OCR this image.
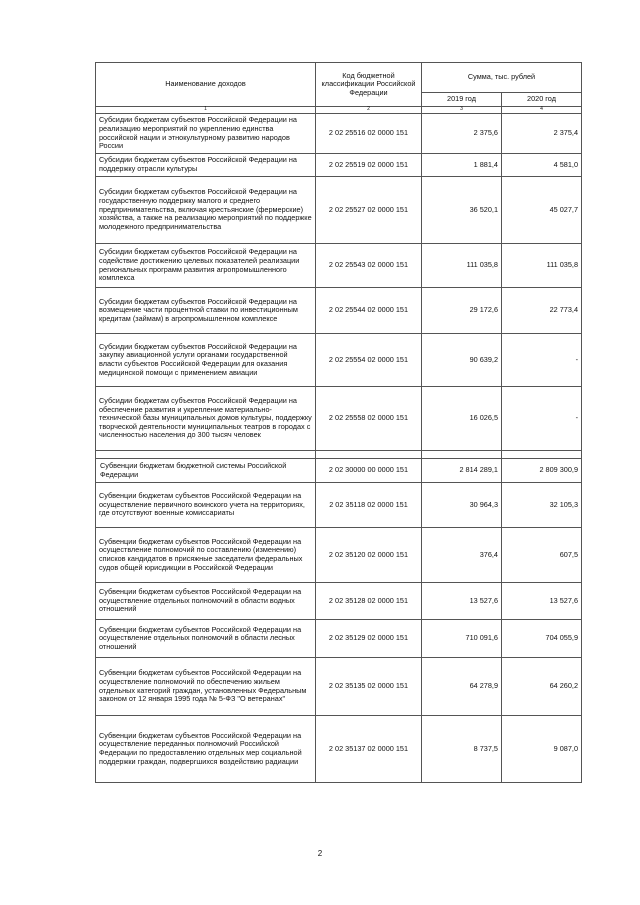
Наименование доходов	Код бюджетной классификации Российской Федерации	Сумма, тыс. рублей	
		2019 год	2020 год
1	2	3	4
Субсидии бюджетам субъектов Российской Федерации на реализацию мероприятий по укреплению единства российской нации и этнокультурному развитию народов России	2 02 25516 02 0000 151	2 375,6	2 375,4
Субсидии бюджетам субъектов Российской Федерации на поддержку отрасли культуры	2 02 25519 02 0000 151	1 881,4	4 581,0
Субсидии бюджетам субъектов Российской Федерации на государственную поддержку малого и среднего предпринимательства, включая крестьянские (фермерские) хозяйства, а также на реализацию мероприятий по поддержке молодежного предпринимательства	2 02 25527 02 0000 151	36 520,1	45 027,7
Субсидии бюджетам субъектов Российской Федерации на содействие достижению целевых показателей реализации региональных программ развития агропромышленного комплекса	2 02 25543 02 0000 151	111 035,8	111 035,8
Субсидии бюджетам субъектов Российской Федерации на возмещение части процентной ставки по инвестиционным кредитам (займам) в агропромышленном комплексе	2 02 25544 02 0000 151	29 172,6	22 773,4
Субсидии бюджетам субъектов Российской Федерации на закупку авиационной услуги органами государственной власти субъектов Российской Федерации для оказания медицинской помощи с применением авиации	2 02 25554 02 0000 151	90 639,2	-
Субсидии бюджетам субъектов Российской Федерации на обеспечение развития и укрепление материально-технической базы муниципальных домов культуры, поддержку творческой деятельности муниципальных театров в городах с численностью населения до 300 тысяч человек	2 02 25558 02 0000 151	16 026,5	-

Субвенции бюджетам бюджетной системы Российской Федерации	2 02 30000 00 0000 151	2 814 289,1	2 809 300,9
Субвенции бюджетам субъектов Российской Федерации на осуществление первичного воинского учета на территориях, где отсутствуют военные комиссариаты	2 02 35118 02 0000 151	30 964,3	32 105,3
Субвенции бюджетам субъектов Российской Федерации на осуществление полномочий по составлению (изменению) списков кандидатов в присяжные заседатели федеральных судов общей юрисдикции в Российской Федерации	2 02 35120 02 0000 151	376,4	607,5
Субвенции бюджетам субъектов Российской Федерации на осуществление отдельных полномочий в области водных отношений	2 02 35128 02 0000 151	13 527,6	13 527,6
Субвенции бюджетам субъектов Российской Федерации на осуществление отдельных полномочий в области лесных отношений	2 02 35129 02 0000 151	710 091,6	704 055,9
Субвенции бюджетам субъектов Российской Федерации на осуществление полномочий по обеспечению жильем отдельных категорий граждан, установленных Федеральным законом от 12 января 1995 года № 5-ФЗ "О ветеранах"	2 02 35135 02 0000 151	64 278,9	64 260,2
Субвенции бюджетам субъектов Российской Федерации на осуществление переданных полномочий Российской Федерации по предоставлению отдельных мер социальной поддержки граждан, подвергшихся воздействию радиации	2 02 35137 02 0000 151	8 737,5	9 087,0
2
